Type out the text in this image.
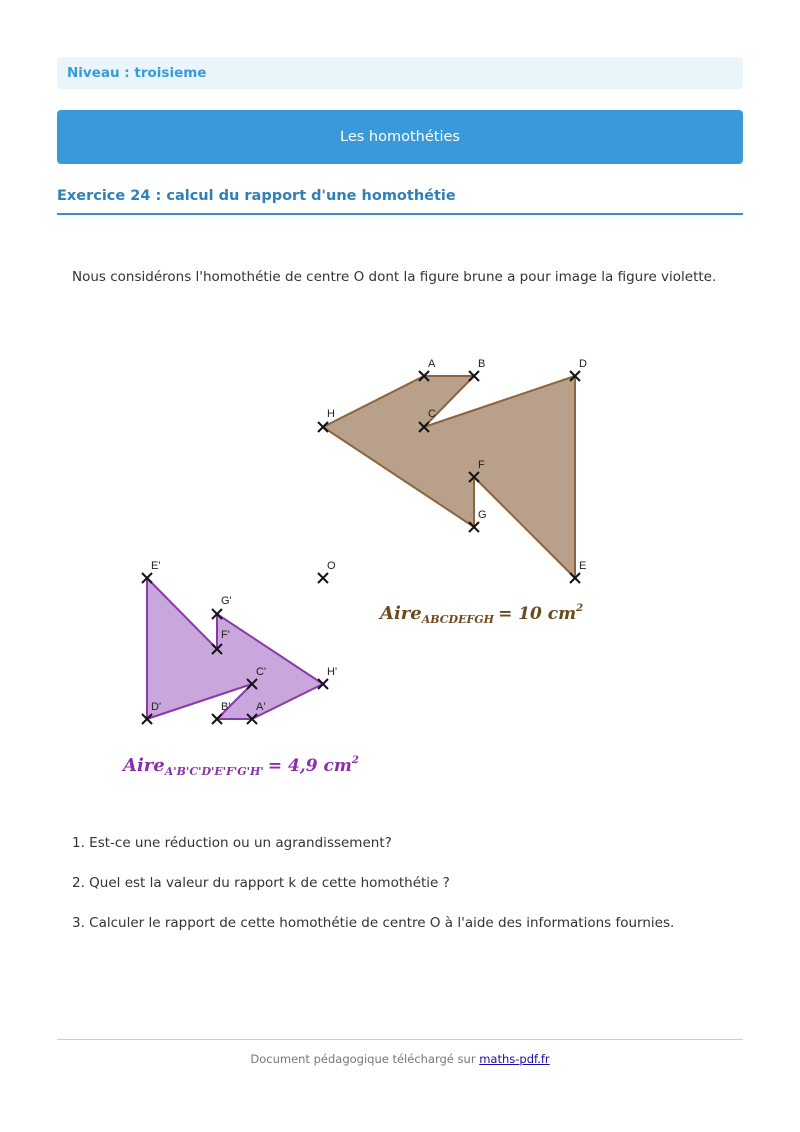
Niveau : troisieme
Les homothéties
Exercice 24 : calcul du rapport d'une homothétie

Nous considérons l'homothétie de centre O dont la figure brune a pour image la figure violette.

A	B
C
D
E
F
G
H
O
A'
B'
C'
D'
E'
F'
G'
H'
Aire$_{ABCDEFGH}$ = 10 $cm^2$
Aire$_{A'B'C'D'E'F'G'H'}$ = 4,9 $cm^2$
1. Est-ce une réduction ou un agrandissement?
2. Quel est la valeur du rapport k de cette homothétie ?
3. Calculer le rapport de cette homothétie de centre O à l'aide des informations fournies.

Document pédagogique téléchargé sur maths-pdf.fr
